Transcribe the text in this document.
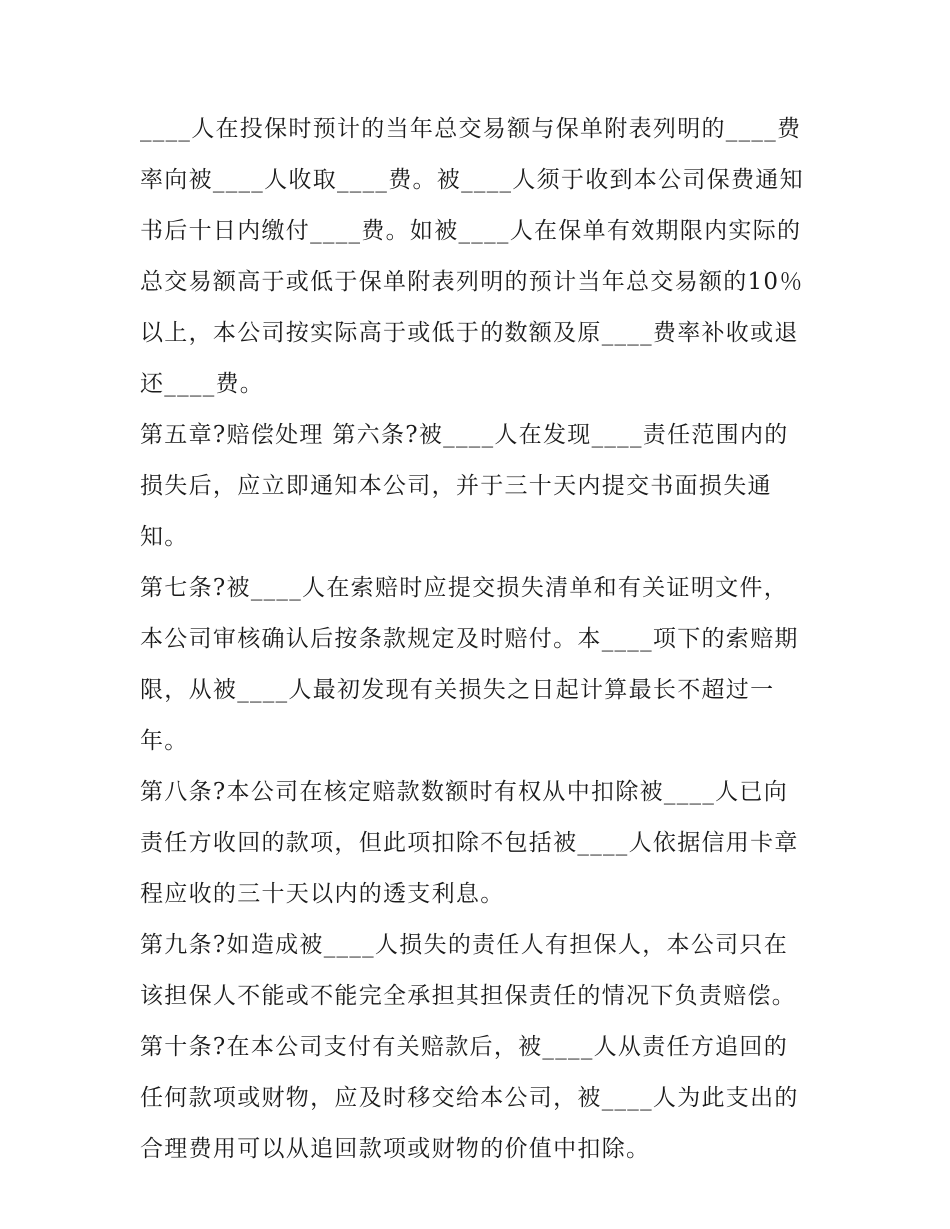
____人在投保时预计的当年总交易额与保单附表列明的____费率向被____人收取____费。被____人须于收到本公司保费通知书后十日内缴付____费。如被____人在保单有效期限内实际的总交易额高于或低于保单附表列明的预计当年总交易额的10％以上，本公司按实际高于或低于的数额及原____费率补收或退还____费。

第五章?赔偿处理 第六条?被____人在发现____责任范围内的损失后，应立即通知本公司，并于三十天内提交书面损失通知。

第七条?被____人在索赔时应提交损失清单和有关证明文件，本公司审核确认后按条款规定及时赔付。本____项下的索赔期限，从被____人最初发现有关损失之日起计算最长不超过一年。

第八条?本公司在核定赔款数额时有权从中扣除被____人已向责任方收回的款项，但此项扣除不包括被____人依据信用卡章程应收的三十天以内的透支利息。

第九条?如造成被____人损失的责任人有担保人，本公司只在该担保人不能或不能完全承担其担保责任的情况下负责赔偿。

第十条?在本公司支付有关赔款后，被____人从责任方追回的任何款项或财物，应及时移交给本公司，被____人为此支出的合理费用可以从追回款项或财物的价值中扣除。
